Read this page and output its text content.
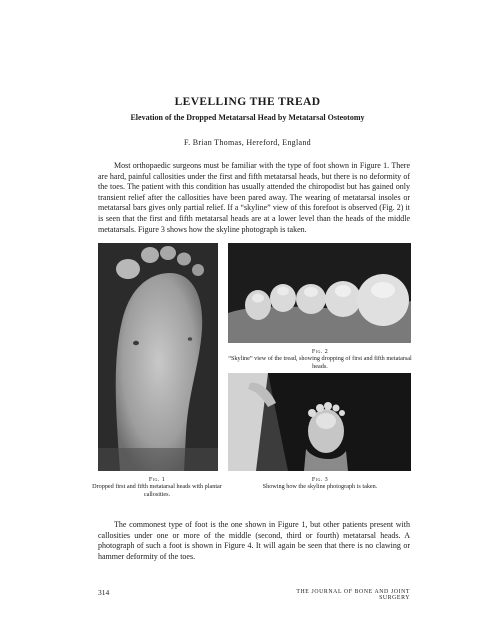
LEVELLING THE TREAD
Elevation of the Dropped Metatarsal Head by Metatarsal Osteotomy
F. Brian Thomas, Hereford, England

Most orthopaedic surgeons must be familiar with the type of foot shown in Figure 1. There are hard, painful callosities under the first and fifth metatarsal heads, but there is no deformity of the toes. The patient with this condition has usually attended the chiropodist but has gained only transient relief after the callosities have been pared away. The wearing of metatarsal insoles or metatarsal bars gives only partial relief. If a “skyline” view of this forefoot is observed (Fig. 2) it is seen that the first and fifth metatarsal heads are at a lower level than the heads of the middle metatarsals. Figure 3 shows how the skyline photograph is taken.

Fig. 1
Dropped first and fifth metatarsal heads with plantar callosities.
Fig. 2
“Skyline” view of the tread, showing dropping of first and fifth metatarsal heads.
Fig. 3
Showing how the skyline photograph is taken.

The commonest type of foot is the one shown in Figure 1, but other patients present with callosities under one or more of the middle (second, third or fourth) metatarsal heads. A photograph of such a foot is shown in Figure 4. It will again be seen that there is no clawing or hammer deformity of the toes.

314	THE JOURNAL OF BONE AND JOINT SURGERY
